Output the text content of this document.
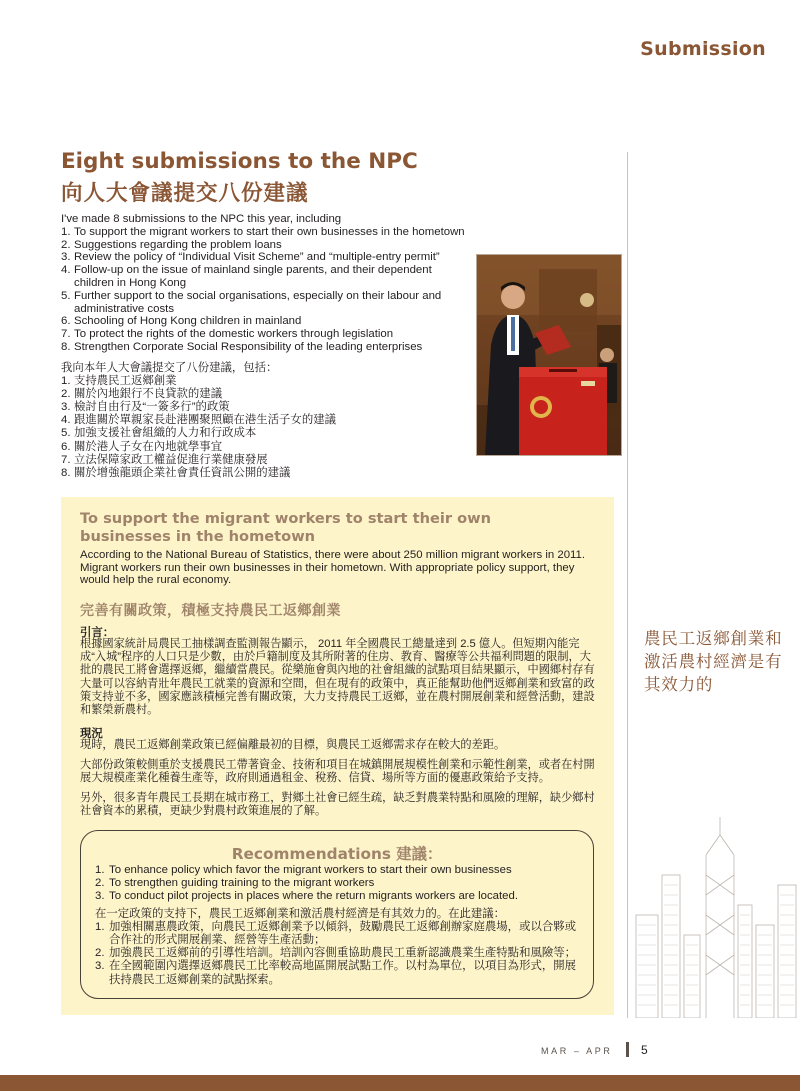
Submission
Eight submissions to the NPC
向人大會議提交八份建議

I've made 8 submissions to the NPC this year, including

1. To support the migrant workers to start their own businesses in the hometown
2. Suggestions regarding the problem loans
3. Review the policy of “Individual Visit Scheme” and “multiple-entry permit”
4. Follow-up on the issue of mainland single parents, and their dependent children in Hong Kong
5. Further support to the social organisations, especially on their labour and administrative costs
6. Schooling of Hong Kong children in mainland
7. To protect the rights of the domestic workers through legislation
8. Strengthen Corporate Social Responsibility of the leading enterprises

我向本年人大會議提交了八份建議，包括：

1. 支持農民工返鄉創業
2. 關於內地銀行不良貸款的建議
3. 檢討自由行及“一簽多行”的政策
4. 跟進關於單親家長赴港團聚照顧在港生活子女的建議
5. 加強支援社會組織的人力和行政成本
6. 關於港人子女在內地就學事宜
7. 立法保障家政工權益促進行業健康發展
8. 關於增強龍頭企業社會責任資訊公開的建議
To support the migrant workers to start their own businesses in the hometown

According to the National Bureau of Statistics, there were about 250 million migrant workers in 2011. Migrant workers run their own businesses in their hometown. With appropriate policy support, they would help the rural economy.

完善有關政策，積極支持農民工返鄉創業
引言：

根據國家統計局農民工抽樣調查監測報告顯示， 2011 年全國農民工總量達到 2.5 億人。但短期內能完成“入城”程序的人口只是少數，由於戶籍制度及其所附著的住房、教育、醫療等公共福利問題的限制，大批的農民工將會選擇返鄉，繼續當農民。從樂施會與內地的社會組織的試點項目結果顯示，中國鄉村存有大量可以容納青壯年農民工就業的資源和空間，但在現有的政策中，真正能幫助他們返鄉創業和致富的政策支持並不多，國家應該積極完善有關政策，大力支持農民工返鄉，並在農村開展創業和經營活動，建設和繁榮新農村。

現況

現時，農民工返鄉創業政策已經偏離最初的目標，與農民工返鄉需求存在較大的差距。

大部份政策較側重於支援農民工帶著資金、技術和項目在城鎮開展規模性創業和示範性創業，或者在村開展大規模產業化種養生產等，政府則通過租金、稅務、信貸、場所等方面的優惠政策給予支持。

另外，很多青年農民工長期在城市務工，對鄉土社會已經生疏，缺乏對農業特點和風險的理解，缺少鄉村社會資本的累積，更缺少對農村政策進展的了解。

Recommendations 建議：
1. To enhance policy which favor the migrant workers to start their own businesses
2. To strengthen guiding training to the migrant workers
3. To conduct pilot projects in places where the return migrants workers are located.

在一定政策的支持下，農民工返鄉創業和激活農村經濟是有其效力的。在此建議：

1. 加強相關惠農政策，向農民工返鄉創業予以傾斜，鼓勵農民工返鄉創辦家庭農場，或以合夥或合作社的形式開展創業、經營等生產活動；
2. 加強農民工返鄉前的引導性培訓。培訓內容側重協助農民工重新認識農業生產特點和風險等；
3. 在全國範圍內選擇返鄉農民工比率較高地區開展試點工作。以村為單位，以項目為形式，開展扶持農民工返鄉創業的試點探索。
農民工返鄉創業和激活農村經濟是有其效力的
MAR – APR 5
